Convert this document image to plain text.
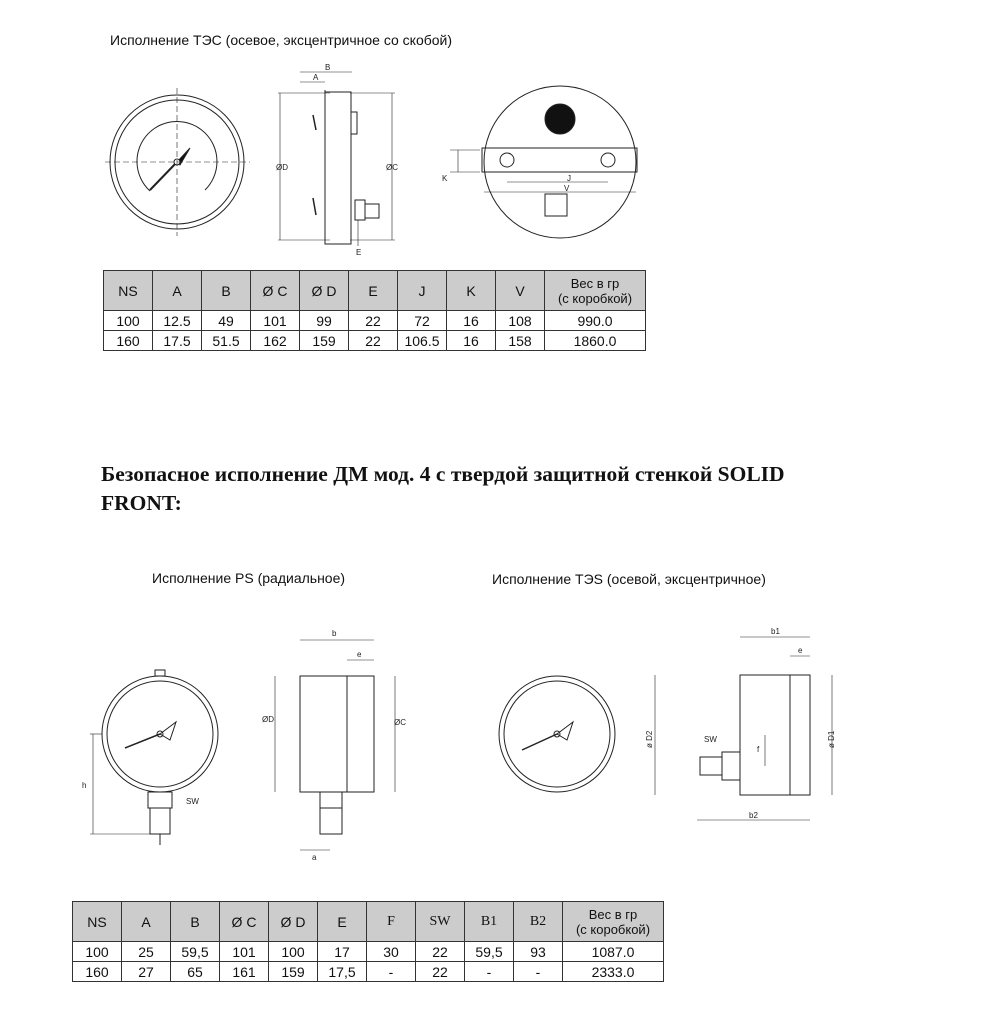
Исполнение ТЭС (осевое, эксцентричное со скобой)
A
B
ØD	ØC
E
K	J
V
h
SW
ØD	ØC
b
e
a
b1
e
b2
ø D1
ø D2	SW
f
NS	A	B	Ø C	Ø D	E	J	K	V	Вес в гр
(с коробкой)
100	12.5	49	101	99	22	72	16	108	990.0
160	17.5	51.5	162	159	22	106.5	16	158	1860.0
Безопасное исполнение ДМ мод. 4 с твердой защитной стенкой SOLID FRONT:
Исполнение PS (радиальное)	Исполнение ТЭS (осевой, эксцентричное)
NS	A	B	Ø C	Ø D	E	F	SW	B1	B2	Вес в гр
(с коробкой)
100	25	59,5	101	100	17	30	22	59,5	93	1087.0
160	27	65	161	159	17,5	-	22	-	-	2333.0
